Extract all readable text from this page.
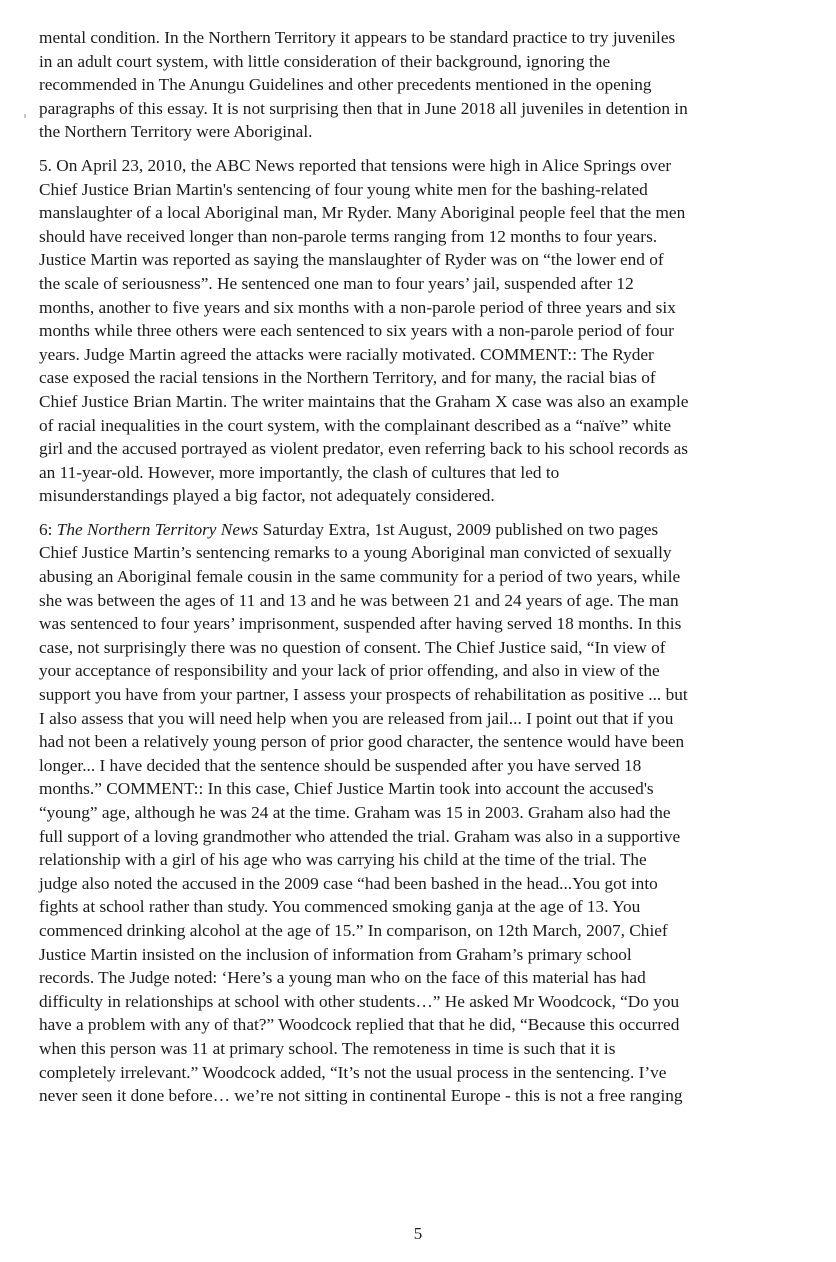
mental condition. In the Northern Territory it appears to be standard practice to try juveniles
in an adult court system, with little consideration of their background, ignoring the
recommended in The Anungu Guidelines and other precedents mentioned in the opening
paragraphs of this essay. It is not surprising then that in June 2018 all juveniles in detention in
the Northern Territory were Aboriginal.
5. On April 23, 2010, the ABC News reported that tensions were high in Alice Springs over
Chief Justice Brian Martin's sentencing of four young white men for the bashing-related
manslaughter of a local Aboriginal man, Mr Ryder. Many Aboriginal people feel that the men
should have received longer than non-parole terms ranging from 12 months to four years.
Justice Martin was reported as saying the manslaughter of Ryder was on “the lower end of
the scale of seriousness”. He sentenced one man to four years’ jail, suspended after 12
months, another to five years and six months with a non-parole period of three years and six
months while three others were each sentenced to six years with a non-parole period of four
years. Judge Martin agreed the attacks were racially motivated. COMMENT:: The Ryder
case exposed the racial tensions in the Northern Territory, and for many, the racial bias of
Chief Justice Brian Martin. The writer maintains that the Graham X case was also an example
of racial inequalities in the court system, with the complainant described as a “naïve” white
girl and the accused portrayed as violent predator, even referring back to his school records as
an 11-year-old. However, more importantly, the clash of cultures that led to
misunderstandings played a big factor, not adequately considered.
6: The Northern Territory News Saturday Extra, 1st August, 2009 published on two pages
Chief Justice Martin’s sentencing remarks to a young Aboriginal man convicted of sexually
abusing an Aboriginal female cousin in the same community for a period of two years, while
she was between the ages of 11 and 13 and he was between 21 and 24 years of age. The man
was sentenced to four years’ imprisonment, suspended after having served 18 months. In this
case, not surprisingly there was no question of consent. The Chief Justice said, “In view of
your acceptance of responsibility and your lack of prior offending, and also in view of the
support you have from your partner, I assess your prospects of rehabilitation as positive ... but
I also assess that you will need help when you are released from jail... I point out that if you
had not been a relatively young person of prior good character, the sentence would have been
longer... I have decided that the sentence should be suspended after you have served 18
months.” COMMENT:: In this case, Chief Justice Martin took into account the accused's
“young” age, although he was 24 at the time. Graham was 15 in 2003. Graham also had the
full support of a loving grandmother who attended the trial. Graham was also in a supportive
relationship with a girl of his age who was carrying his child at the time of the trial. The
judge also noted the accused in the 2009 case “had been bashed in the head...You got into
fights at school rather than study. You commenced smoking ganja at the age of 13. You
commenced drinking alcohol at the age of 15.” In comparison, on 12th March, 2007, Chief
Justice Martin insisted on the inclusion of information from Graham’s primary school
records. The Judge noted: ‘Here’s a young man who on the face of this material has had
difficulty in relationships at school with other students…” He asked Mr Woodcock, “Do you
have a problem with any of that?” Woodcock replied that that he did, “Because this occurred
when this person was 11 at primary school. The remoteness in time is such that it is
completely irrelevant.” Woodcock added, “It’s not the usual process in the sentencing. I’ve
never seen it done before… we’re not sitting in continental Europe - this is not a free ranging
5
